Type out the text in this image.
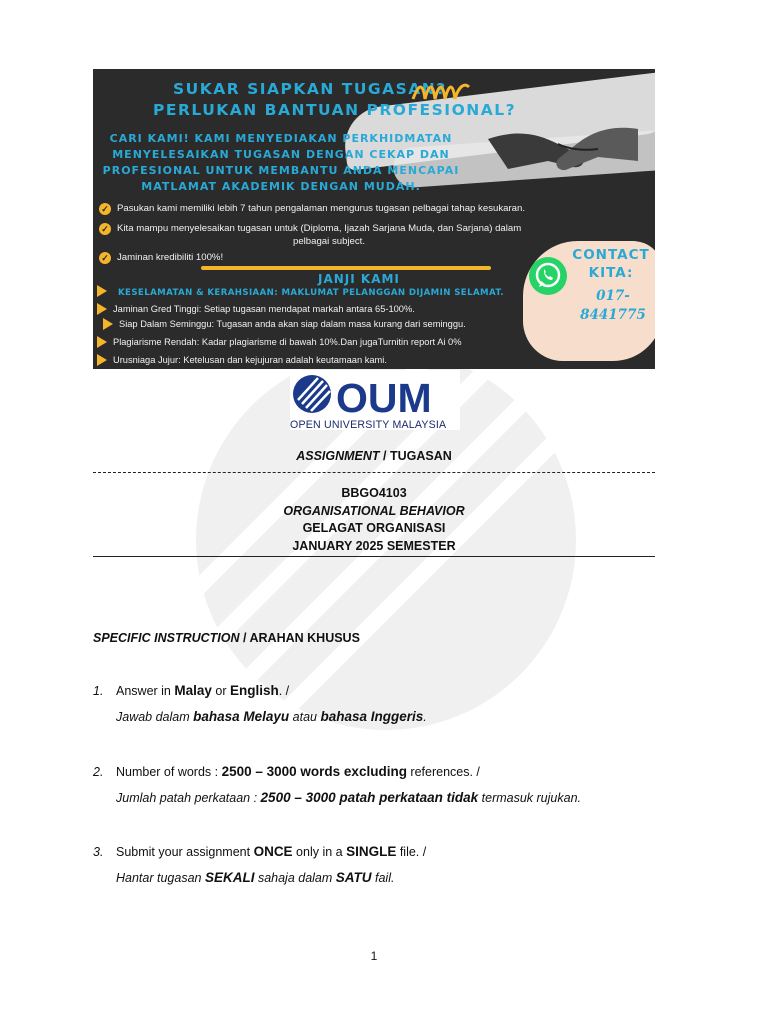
SUKAR SIAPKAN TUGASAN?
PERLUKAN BANTUAN PROFESIONAL?
CARI KAMI! KAMI MENYEDIAKAN PERKHIDMATAN
MENYELESAIKAN TUGASAN DENGAN CEKAP DAN
PROFESIONAL UNTUK MEMBANTU ANDA MENCAPAI
MATLAMAT AKADEMIK DENGAN MUDAH.
✓ Pasukan kami memiliki lebih 7 tahun pengalaman mengurus tugasan pelbagai tahap kesukaran.
✓ Kita mampu menyelesaikan tugasan untuk (Diploma, Ijazah Sarjana Muda, dan Sarjana) dalam
pelbagai subject.
✓ Jaminan kredibiliti 100%!
JANJI KAMI
KESELAMATAN & KERAHSIAAN: MAKLUMAT PELANGGAN DIJAMIN SELAMAT.
Jaminan Gred Tinggi: Setiap tugasan mendapat markah antara 65-100%.
Siap Dalam Seminggu: Tugasan anda akan siap dalam masa kurang dari seminggu.
Plagiarisme Rendah: Kadar plagiarisme di bawah 10%.Dan jugaTurnitin report Ai 0%
Urusniaga Jujur: Ketelusan dan kejujuran adalah keutamaan kami.
CONTACT
KITA:
017-
8441775
OUM
OPEN UNIVERSITY MALAYSIA
ASSIGNMENT / TUGASAN
BBGO4103
ORGANISATIONAL BEHAVIOR
GELAGAT ORGANISASI
JANUARY 2025 SEMESTER
SPECIFIC INSTRUCTION / ARAHAN KHUSUS
1. Answer in Malay or English. /
Jawab dalam bahasa Melayu atau bahasa Inggeris.
2. Number of words : 2500 – 3000 words excluding references. /
Jumlah patah perkataan : 2500 – 3000 patah perkataan tidak termasuk rujukan.
3. Submit your assignment ONCE only in a SINGLE file. /
Hantar tugasan SEKALI sahaja dalam SATU fail.
1
